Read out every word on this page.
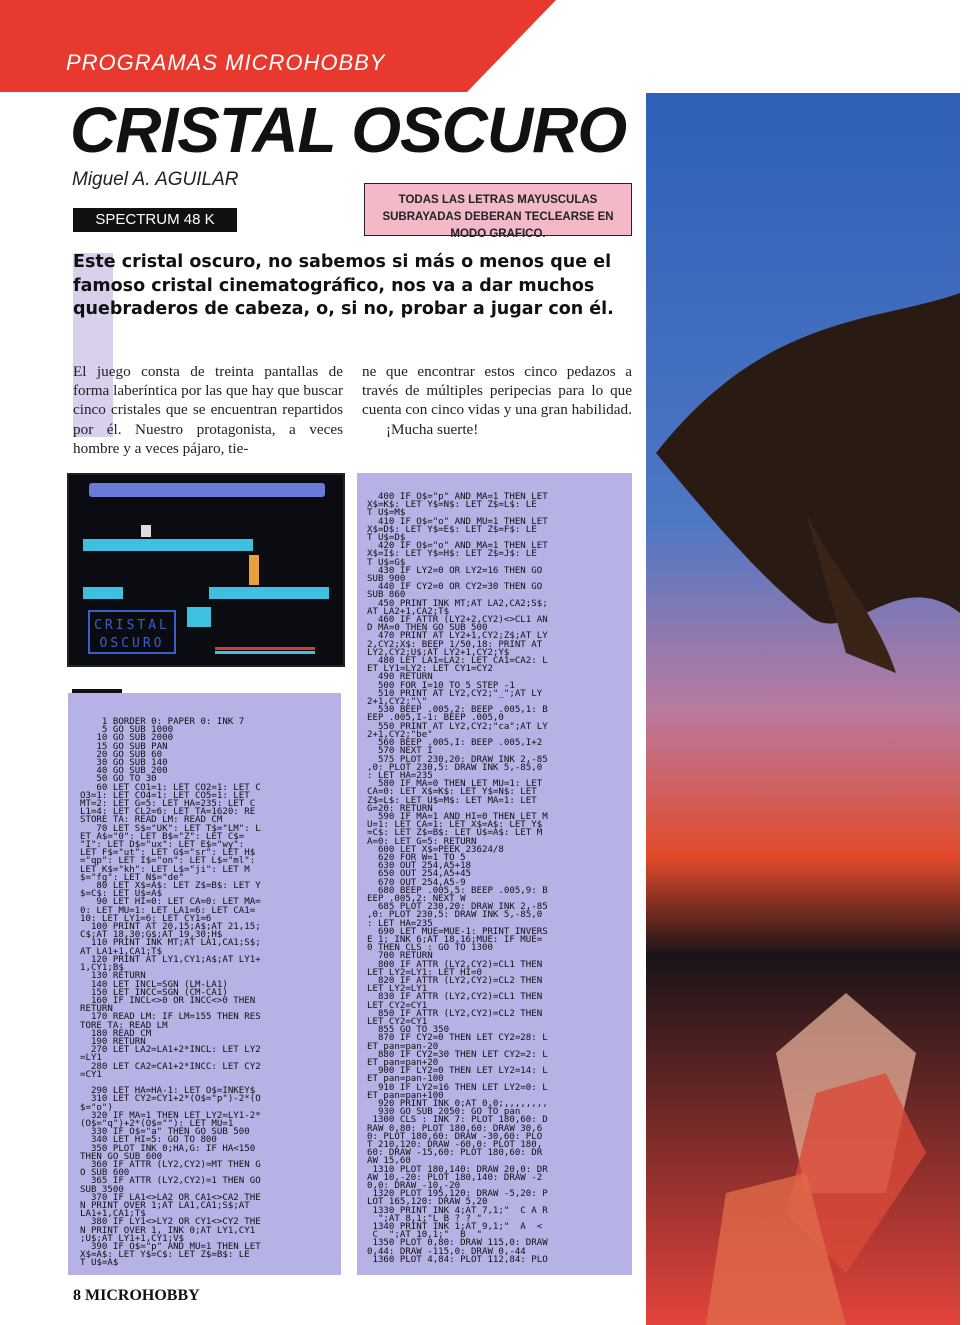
PROGRAMAS MICROHOBBY
CRISTAL OSCURO
Miguel A. AGUILAR
SPECTRUM 48 K
TODAS LAS LETRAS MAYUSCULAS SUBRAYADAS DEBERAN TECLEARSE EN MODO GRAFICO.
Este cristal oscuro, no sabemos si más o menos que el famoso cristal cinematográfico, nos va a dar muchos quebraderos de cabeza, o, si no, probar a jugar con él.
El juego consta de treinta pantallas de forma laberíntica por las que hay que buscar cinco cristales que se encuentran repartidos por él. Nuestro protagonista, a veces hombre y a veces pájaro, tie-
ne que encontrar estos cinco pedazos a través de múltiples peripecias para lo que cuenta con cinco vidas y una gran habilidad.
¡Mucha suerte!
CRISTAL
OSCURO
1 BORDER 0: PAPER 0: INK 7
5 GO SUB 1000
10 GO SUB 2000
15 GO SUB PAN
20 GO SUB 60
30 GO SUB 140
40 GO SUB 200
50 GO TO 30
60 LET CO1=1: LET CO2=1: LET C
O3=1: LET CO4=1: LET CO5=1: LET
MT=2: LET G=5: LET HA=235: LET C
L1=4: LET CL2=6: LET TA=1620: RE
STORE TA: READ LM: READ CM
70 LET S$="UK": LET T$="LM": L
ET A$="0": LET B$="Z": LET C$=
"I": LET D$="ux": LET E$="wy":
LET F$="ut": LET G$="sr": LET H$
="qp": LET I$="on": LET L$="ml":
LET K$="kh": LET L$="ji": LET M
$="fg": LET N$="de"
80 LET X$=A$: LET Z$=B$: LET Y
$=C$: LET U$=A$
90 LET HI=0: LET CA=0: LET MA=
0: LET MU=1: LET LA1=6: LET CA1=
10: LET LY1=6: LET CY1=6
100 PRINT AT 20,15;A$;AT 21,15;
C$;AT 18,30;G$;AT 19,30;H$
110 PRINT INK MT;AT LA1,CA1;S$;
AT LA1+1,CA1;T$
120 PRINT AT LY1,CY1;A$;AT LY1+
1,CY1;B$
130 RETURN
140 LET INCL=SGN (LM-LA1)
150 LET INCC=SGN (CM-CA1)
160 IF INCL<>0 OR INCC<>0 THEN
RETURN
170 READ LM: IF LM=155 THEN RES
TORE TA: READ LM
180 READ CM
190 RETURN
270 LET LA2=LA1+2*INCL: LET LY2
=LY1
280 LET CA2=CA1+2*INCC: LET CY2
=CY1

290 LET HA=HA-1: LET O$=INKEY$
310 LET CY2=CY1+2*(O$="p")-2*(O
$="o")
320 IF MA=1 THEN LET LY2=LY1-2*
(O$="q")+2*(O$=""): LET MU=1
330 IF O$="a" THEN GO SUB 500
340 LET HI=5: GO TO 800
350 PLOT INK 0;HA,G: IF HA<150
THEN GO SUB 600
360 IF ATTR (LY2,CY2)=MT THEN G
O SUB 600
365 IF ATTR (LY2,CY2)=1 THEN GO
SUB 3500
370 IF LA1<>LA2 OR CA1<>CA2 THE
N PRINT OVER 1;AT LA1,CA1;S$;AT
LA1+1,CA1;T$
380 IF LY1<>LY2 OR CY1<>CY2 THE
N PRINT OVER 1, INK 0;AT LY1,CY1
;U$;AT LY1+1,CY1;V$
390 IF O$="p" AND MU=1 THEN LET
X$=A$: LET Y$=C$: LET Z$=B$: LE
T U$=A$
400 IF O$="p" AND MA=1 THEN LET
X$=K$: LET Y$=N$: LET Z$=L$: LE
T U$=M$
410 IF O$="o" AND MU=1 THEN LET
X$=D$: LET Y$=E$: LET Z$=F$: LE
T U$=D$
420 IF O$="o" AND MA=1 THEN LET
X$=I$: LET Y$=H$: LET Z$=J$: LE
T U$=G$
430 IF LY2=0 OR LY2=16 THEN GO
SUB 900
440 IF CY2=0 OR CY2=30 THEN GO
SUB 860
450 PRINT INK MT;AT LA2,CA2;S$;
AT LA2+1,CA2;T$
460 IF ATTR (LY2+2,CY2)<>CL1 AN
D MA=0 THEN GO SUB 500
470 PRINT AT LY2+1,CY2;Z$;AT LY
2,CY2;X$: BEEP 1/50,18: PRINT AT
LY2,CY2;U$;AT LY2+1,CY2;Y$
480 LET LA1=LA2: LET CA1=CA2: L
ET LY1=LY2: LET CY1=CY2
490 RETURN
500 FOR I=10 TO 5 STEP -1
510 PRINT AT LY2,CY2;"_";AT LY
2+1,CY2;"\"
530 BEEP .005,2: BEEP .005,1: B
EEP .005,I-1: BEEP .005,0
550 PRINT AT LY2,CY2;"ca";AT LY
2+1,CY2;"be"
560 BEEP .005,I: BEEP .005,I+2
570 NEXT I
575 PLOT 230,20: DRAW INK 2,-85
,0: PLOT 230,5: DRAW INK 5,-85,0
: LET HA=235
580 IF MA=0 THEN LET MU=1: LET
CA=0: LET X$=K$: LET Y$=N$: LET
Z$=L$: LET U$=M$: LET MA=1: LET
G=20: RETURN
590 IF MA=1 AND HI=0 THEN LET M
U=1: LET CA=1: LET X$=A$: LET Y$
=C$: LET Z$=B$: LET U$=A$: LET M
A=0: LET G=5: RETURN
600 LET X$=PEEK 23624/8
620 FOR W=1 TO 5
630 OUT 254,A5+18
650 OUT 254,A5+45
670 OUT 254,A5-9
680 BEEP .005,5: BEEP .005,9: B
EEP .005,2: NEXT W
685 PLOT 230,20: DRAW INK 2,-85
,0: PLOT 230,5: DRAW INK 5,-85,0
: LET HA=235
690 LET MUE=MUE-1: PRINT INVERS
E 1; INK 6;AT 18,16;MUE: IF MUE=
0 THEN CLS : GO TO 1300
700 RETURN
800 IF ATTR (LY2,CY2)=CL1 THEN
LET LY2=LY1: LET HI=0
820 IF ATTR (LY2,CY2)=CL2 THEN
LET LY2=LY1
830 IF ATTR (LY2,CY2)=CL1 THEN
LET CY2=CY1
850 IF ATTR (LY2,CY2)=CL2 THEN
LET CY2=CY1
855 GO TO 350
870 IF CY2=0 THEN LET CY2=28: L
ET pan=pan-20
880 IF CY2=30 THEN LET CY2=2: L
ET pan=pan+20
900 IF LY2=0 THEN LET LY2=14: L
ET pan=pan-100
910 IF LY2=16 THEN LET LY2=0: L
ET pan=pan+100
920 PRINT INK 0;AT 0,0;,,,,,,,,
930 GO SUB 2050: GO TO pan
1300 CLS : INK 7: PLOT 180,60: D
RAW 0,80: PLOT 180,60: DRAW 30,6
0: PLOT 180,60: DRAW -30,60: PLO
T 210,120: DRAW -60,0: PLOT 180,
60: DRAW -15,60: PLOT 180,60: DR
AW 15,60
1310 PLOT 180,140: DRAW 20,0: DR
AW 10,-20: PLOT 180,140: DRAW -2
0,0: DRAW -10,-20
1320 PLOT 195,120: DRAW -5,20: P
LOT 165,120: DRAW 5,20
1330 PRINT INK 4;AT 7,1;"  C A R
";AT 8,1;"L B ? ? "
1340 PRINT INK 1;AT 9,1;"  A  <
C  ";AT 10,1;"  B  "
1350 PLOT 0,80: DRAW 115,0: DRAW
0,44: DRAW -115,0: DRAW 0,-44
1360 PLOT 4,84: PLOT 112,84: PLO
8 MICROHOBBY
